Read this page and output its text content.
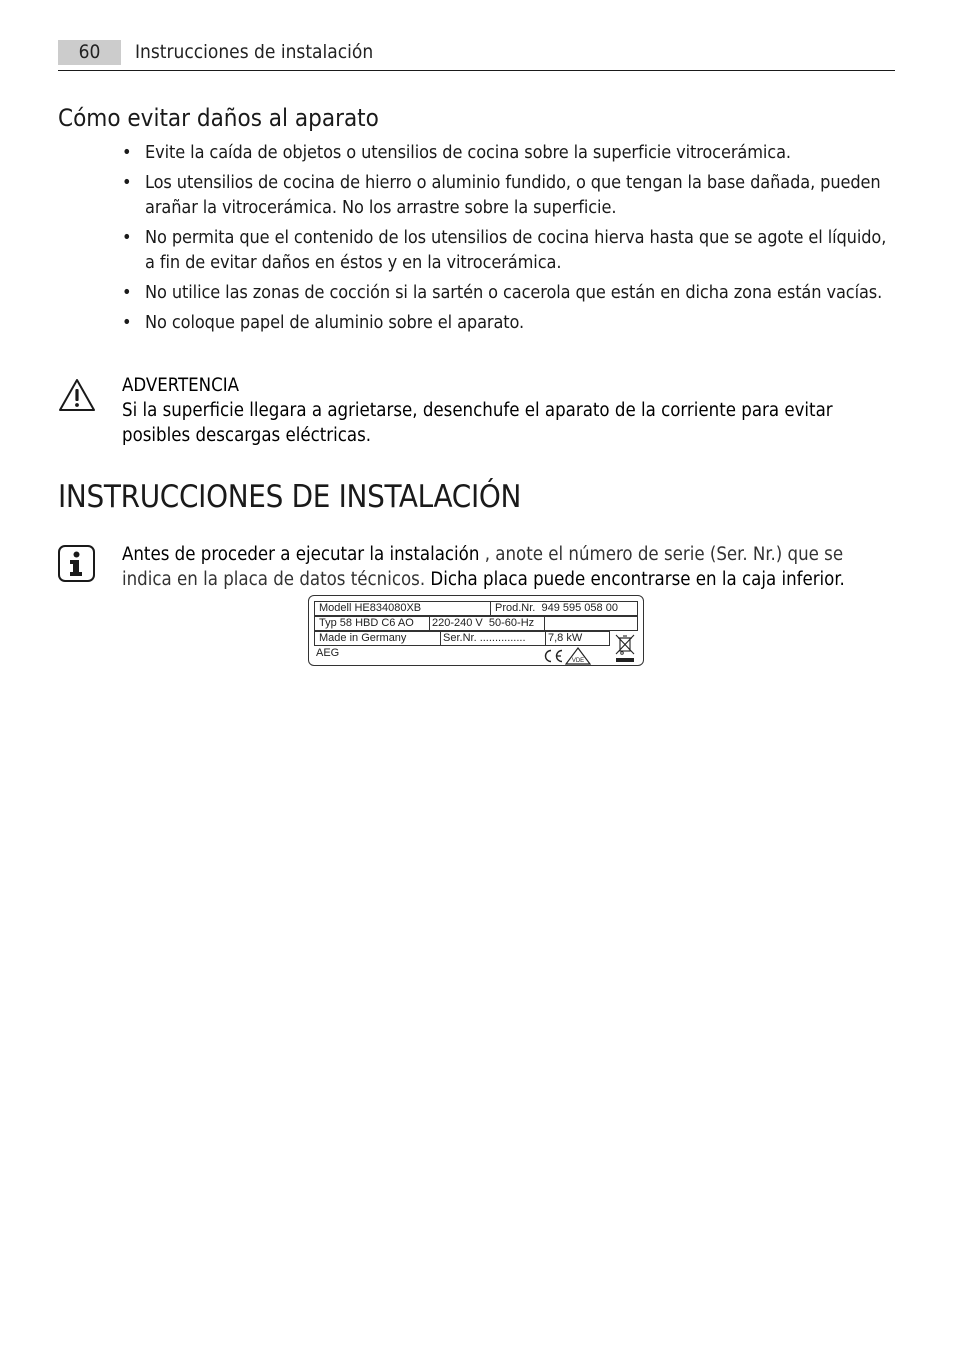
60	Instrucciones de instalación
Cómo evitar daños al aparato
• Evite la caída de objetos o utensilios de cocina sobre la superficie vitrocerámica.
• Los utensilios de cocina de hierro o aluminio fundido, o que tengan la base dañada, pueden arañar la vitrocerámica. No los arrastre sobre la superficie.
• No permita que el contenido de los utensilios de cocina hierva hasta que se agote el líquido, a fin de evitar daños en éstos y en la vitrocerámica.
• No utilice las zonas de cocción si la sartén o cacerola que están en dicha zona están vacías.
• No coloque papel de aluminio sobre el aparato.
ADVERTENCIA
Si la superficie llegara a agrietarse, desenchufe el aparato de la corriente para evitar posibles descargas eléctricas.
INSTRUCCIONES DE INSTALACIÓN
Antes de proceder a ejecutar la instalación , anote el número de serie (Ser. Nr.) que se indica en la placa de datos técnicos. Dicha placa puede encontrarse en la caja inferior.
Modell HE834080XB	Prod.Nr. 949 595 058 00
Typ 58 HBD C6 AO	220-240 V 50-60-Hz
Made in Germany	Ser.Nr. ...............	7,8 kW
AEG
VDE
